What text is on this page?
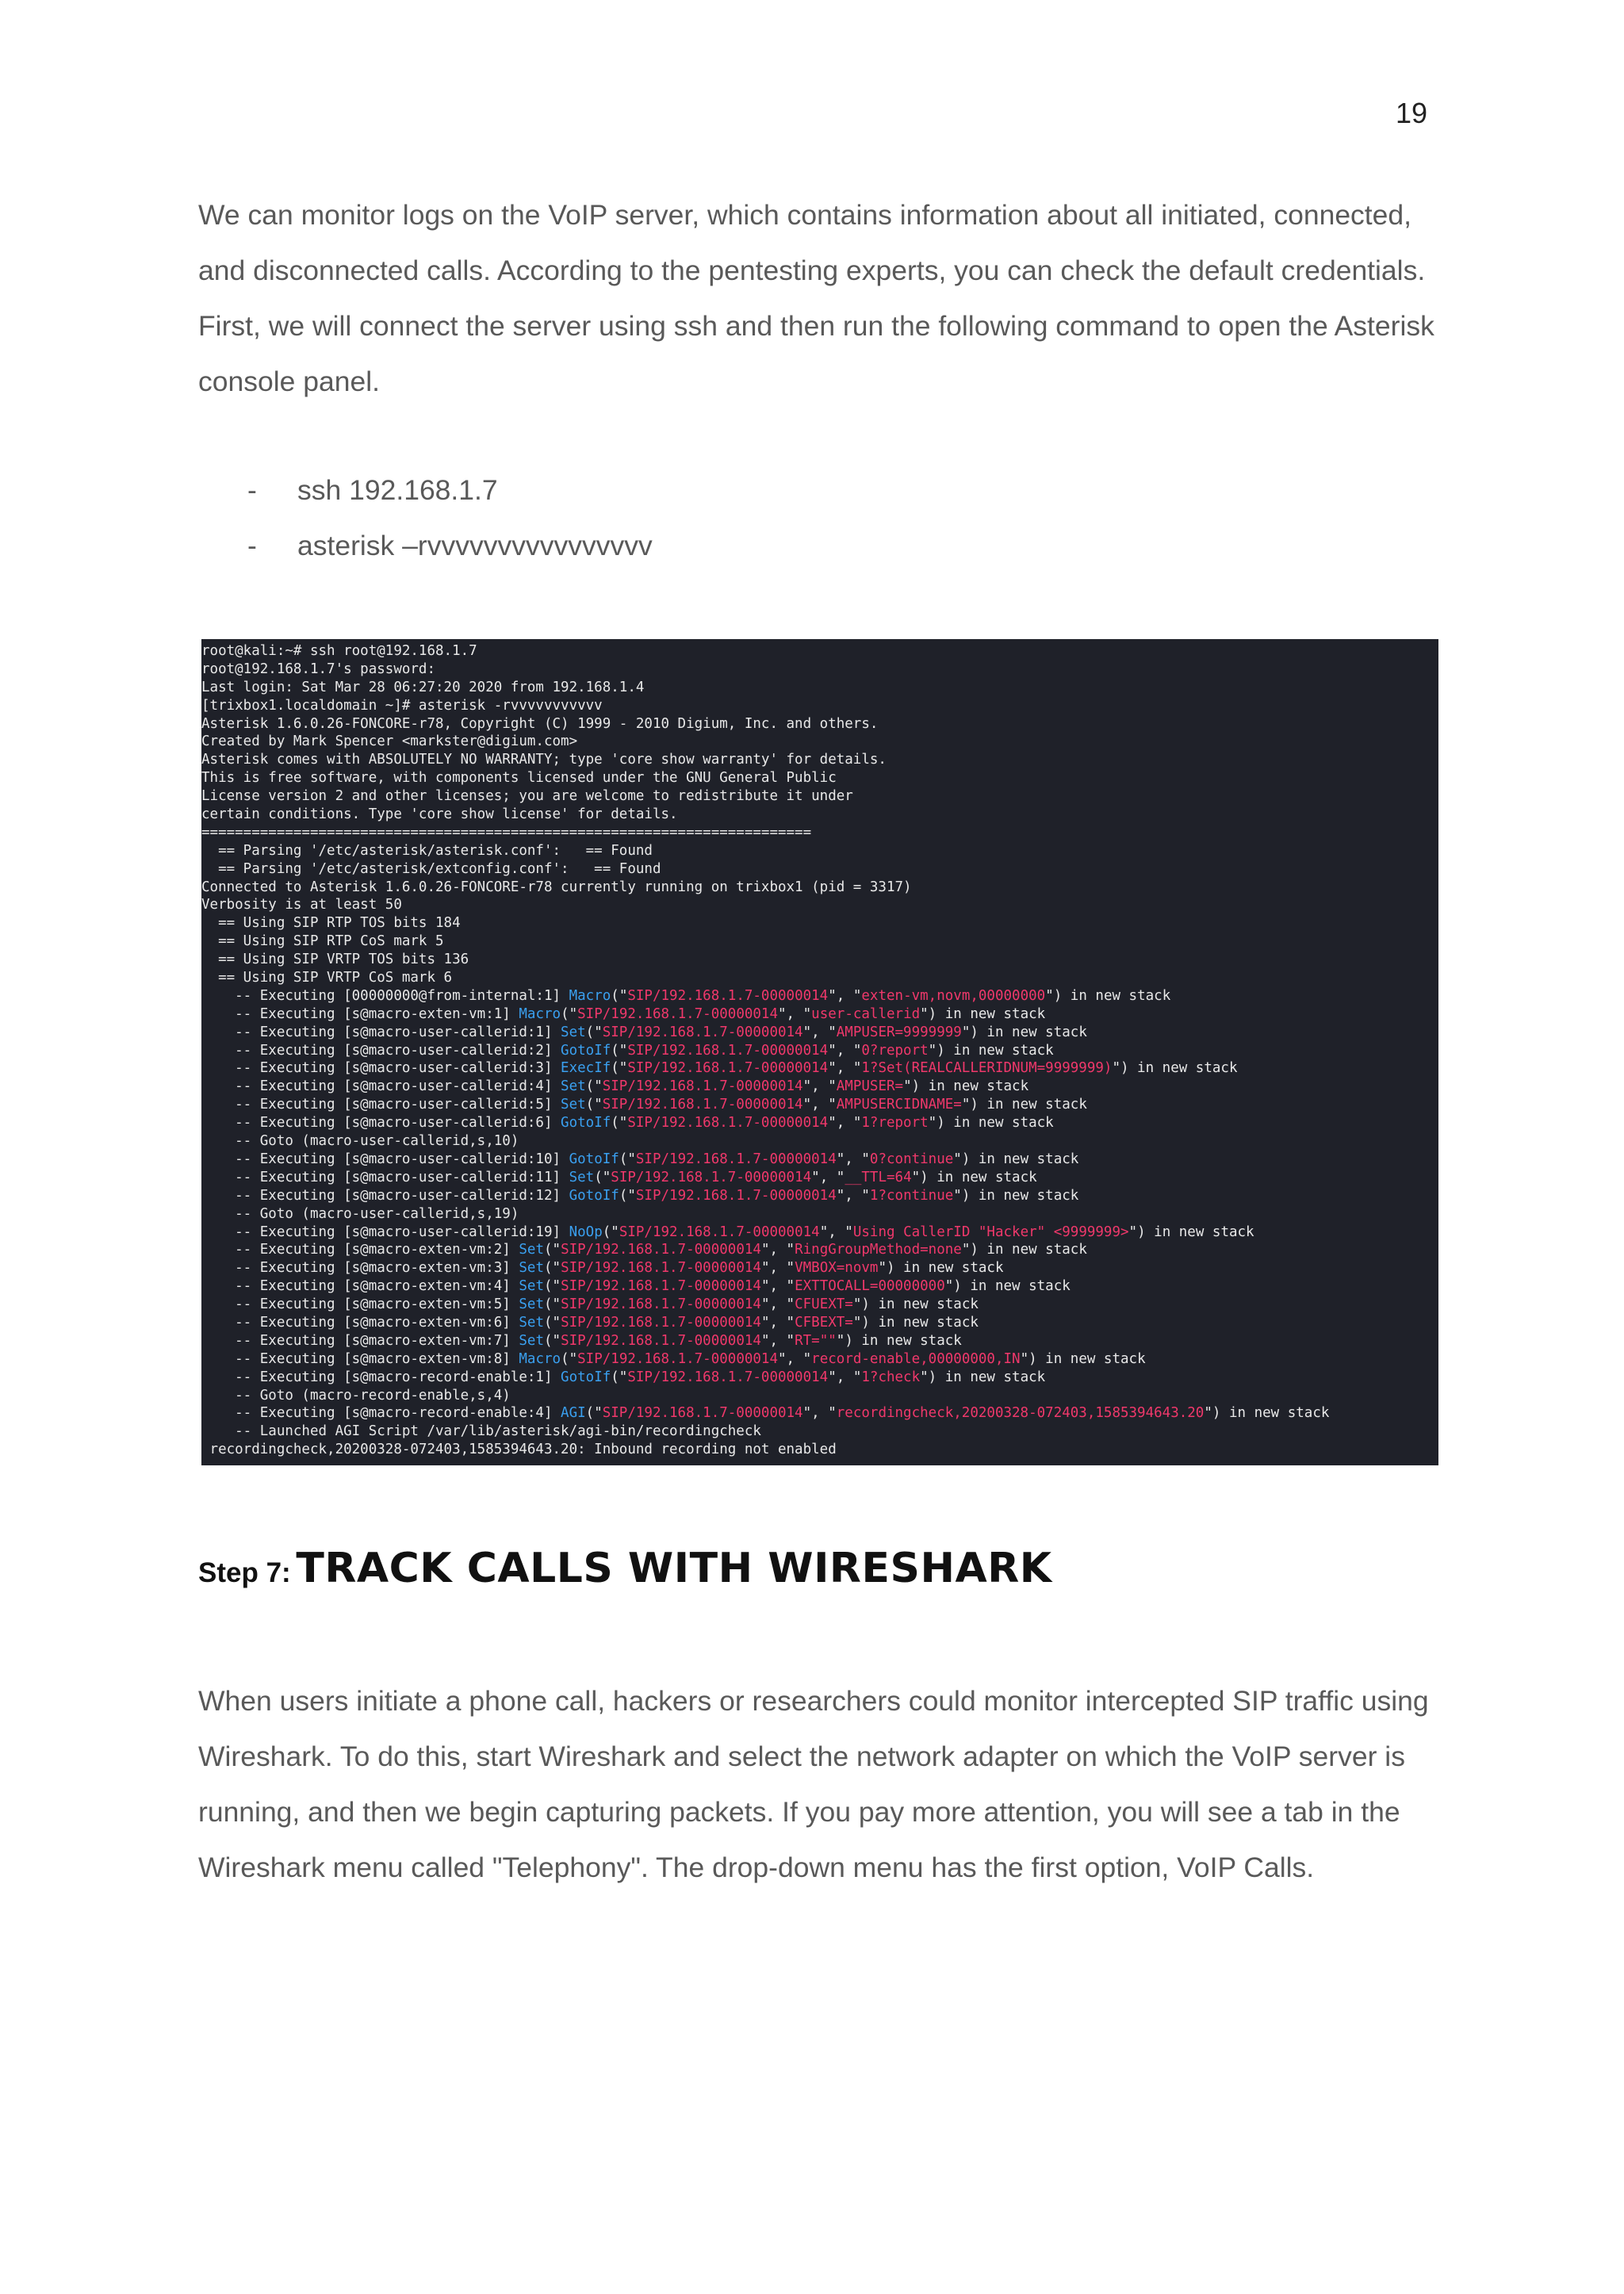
19

We can monitor logs on the VoIP server, which contains information about all initiated, connected, and disconnected calls. According to the pentesting experts, you can check the default credentials. First, we will connect the server using ssh and then run the following command to open the Asterisk console panel.

-	ssh 192.168.1.7
-	asterisk –rvvvvvvvvvvvvvvvv
root@kali:~# ssh root@192.168.1.7
root@192.168.1.7's password:
Last login: Sat Mar 28 06:27:20 2020 from 192.168.1.4
[trixbox1.localdomain ~]# asterisk -rvvvvvvvvvvv
Asterisk 1.6.0.26-FONCORE-r78, Copyright (C) 1999 - 2010 Digium, Inc. and others.
Created by Mark Spencer <markster@digium.com>
Asterisk comes with ABSOLUTELY NO WARRANTY; type 'core show warranty' for details.
This is free software, with components licensed under the GNU General Public
License version 2 and other licenses; you are welcome to redistribute it under
certain conditions. Type 'core show license' for details.
=========================================================================
== Parsing '/etc/asterisk/asterisk.conf':   == Found
== Parsing '/etc/asterisk/extconfig.conf':   == Found
Connected to Asterisk 1.6.0.26-FONCORE-r78 currently running on trixbox1 (pid = 3317)
Verbosity is at least 50
== Using SIP RTP TOS bits 184
== Using SIP RTP CoS mark 5
== Using SIP VRTP TOS bits 136
== Using SIP VRTP CoS mark 6
-- Executing [00000000@from-internal:1] Macro("SIP/192.168.1.7-00000014", "exten-vm,novm,00000000") in new stack
-- Executing [s@macro-exten-vm:1] Macro("SIP/192.168.1.7-00000014", "user-callerid") in new stack
-- Executing [s@macro-user-callerid:1] Set("SIP/192.168.1.7-00000014", "AMPUSER=9999999") in new stack
-- Executing [s@macro-user-callerid:2] GotoIf("SIP/192.168.1.7-00000014", "0?report") in new stack
-- Executing [s@macro-user-callerid:3] ExecIf("SIP/192.168.1.7-00000014", "1?Set(REALCALLERIDNUM=9999999)") in new stack
-- Executing [s@macro-user-callerid:4] Set("SIP/192.168.1.7-00000014", "AMPUSER=") in new stack
-- Executing [s@macro-user-callerid:5] Set("SIP/192.168.1.7-00000014", "AMPUSERCIDNAME=") in new stack
-- Executing [s@macro-user-callerid:6] GotoIf("SIP/192.168.1.7-00000014", "1?report") in new stack
-- Goto (macro-user-callerid,s,10)
-- Executing [s@macro-user-callerid:10] GotoIf("SIP/192.168.1.7-00000014", "0?continue") in new stack
-- Executing [s@macro-user-callerid:11] Set("SIP/192.168.1.7-00000014", "__TTL=64") in new stack
-- Executing [s@macro-user-callerid:12] GotoIf("SIP/192.168.1.7-00000014", "1?continue") in new stack
-- Goto (macro-user-callerid,s,19)
-- Executing [s@macro-user-callerid:19] NoOp("SIP/192.168.1.7-00000014", "Using CallerID "Hacker" <9999999>") in new stack
-- Executing [s@macro-exten-vm:2] Set("SIP/192.168.1.7-00000014", "RingGroupMethod=none") in new stack
-- Executing [s@macro-exten-vm:3] Set("SIP/192.168.1.7-00000014", "VMBOX=novm") in new stack
-- Executing [s@macro-exten-vm:4] Set("SIP/192.168.1.7-00000014", "EXTTOCALL=00000000") in new stack
-- Executing [s@macro-exten-vm:5] Set("SIP/192.168.1.7-00000014", "CFUEXT=") in new stack
-- Executing [s@macro-exten-vm:6] Set("SIP/192.168.1.7-00000014", "CFBEXT=") in new stack
-- Executing [s@macro-exten-vm:7] Set("SIP/192.168.1.7-00000014", "RT=""") in new stack
-- Executing [s@macro-exten-vm:8] Macro("SIP/192.168.1.7-00000014", "record-enable,00000000,IN") in new stack
-- Executing [s@macro-record-enable:1] GotoIf("SIP/192.168.1.7-00000014", "1?check") in new stack
-- Goto (macro-record-enable,s,4)
-- Executing [s@macro-record-enable:4] AGI("SIP/192.168.1.7-00000014", "recordingcheck,20200328-072403,1585394643.20") in new stack
-- Launched AGI Script /var/lib/asterisk/agi-bin/recordingcheck
recordingcheck,20200328-072403,1585394643.20: Inbound recording not enabled
Step 7: TRACK CALLS WITH WIRESHARK

When users initiate a phone call, hackers or researchers could monitor intercepted SIP traffic using Wireshark. To do this, start Wireshark and select the network adapter on which the VoIP server is running, and then we begin capturing packets. If you pay more attention, you will see a tab in the Wireshark menu called "Telephony". The drop-down menu has the first option, VoIP Calls.
